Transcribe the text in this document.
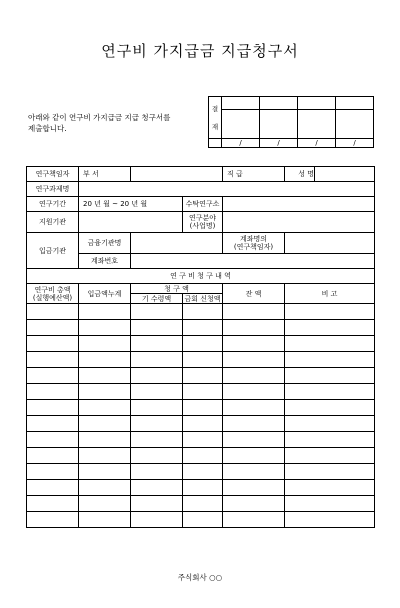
연구비 가지급금 지급청구서
아래와 같이 연구비 가지급금 지급 청구서를
제출합니다.
결
재				

	/	/	/	/
연구책임자	부 서			직 급	성 명	
연구과제명						
연구기간	20 년 월 ~ 20 년 월		수탁연구소			
지원기관			연구분야
(사업명)			

입금기관	금융기관명			계좌명의
(연구책임자)		

	계좌번호					
연 구 비 청 구 내 역						

연구비 총액
(실행예산액)	입금액누계	청 구 액		잔 액	비 고	
		기 수령액	금회 신청액			

주식회사 ○○
